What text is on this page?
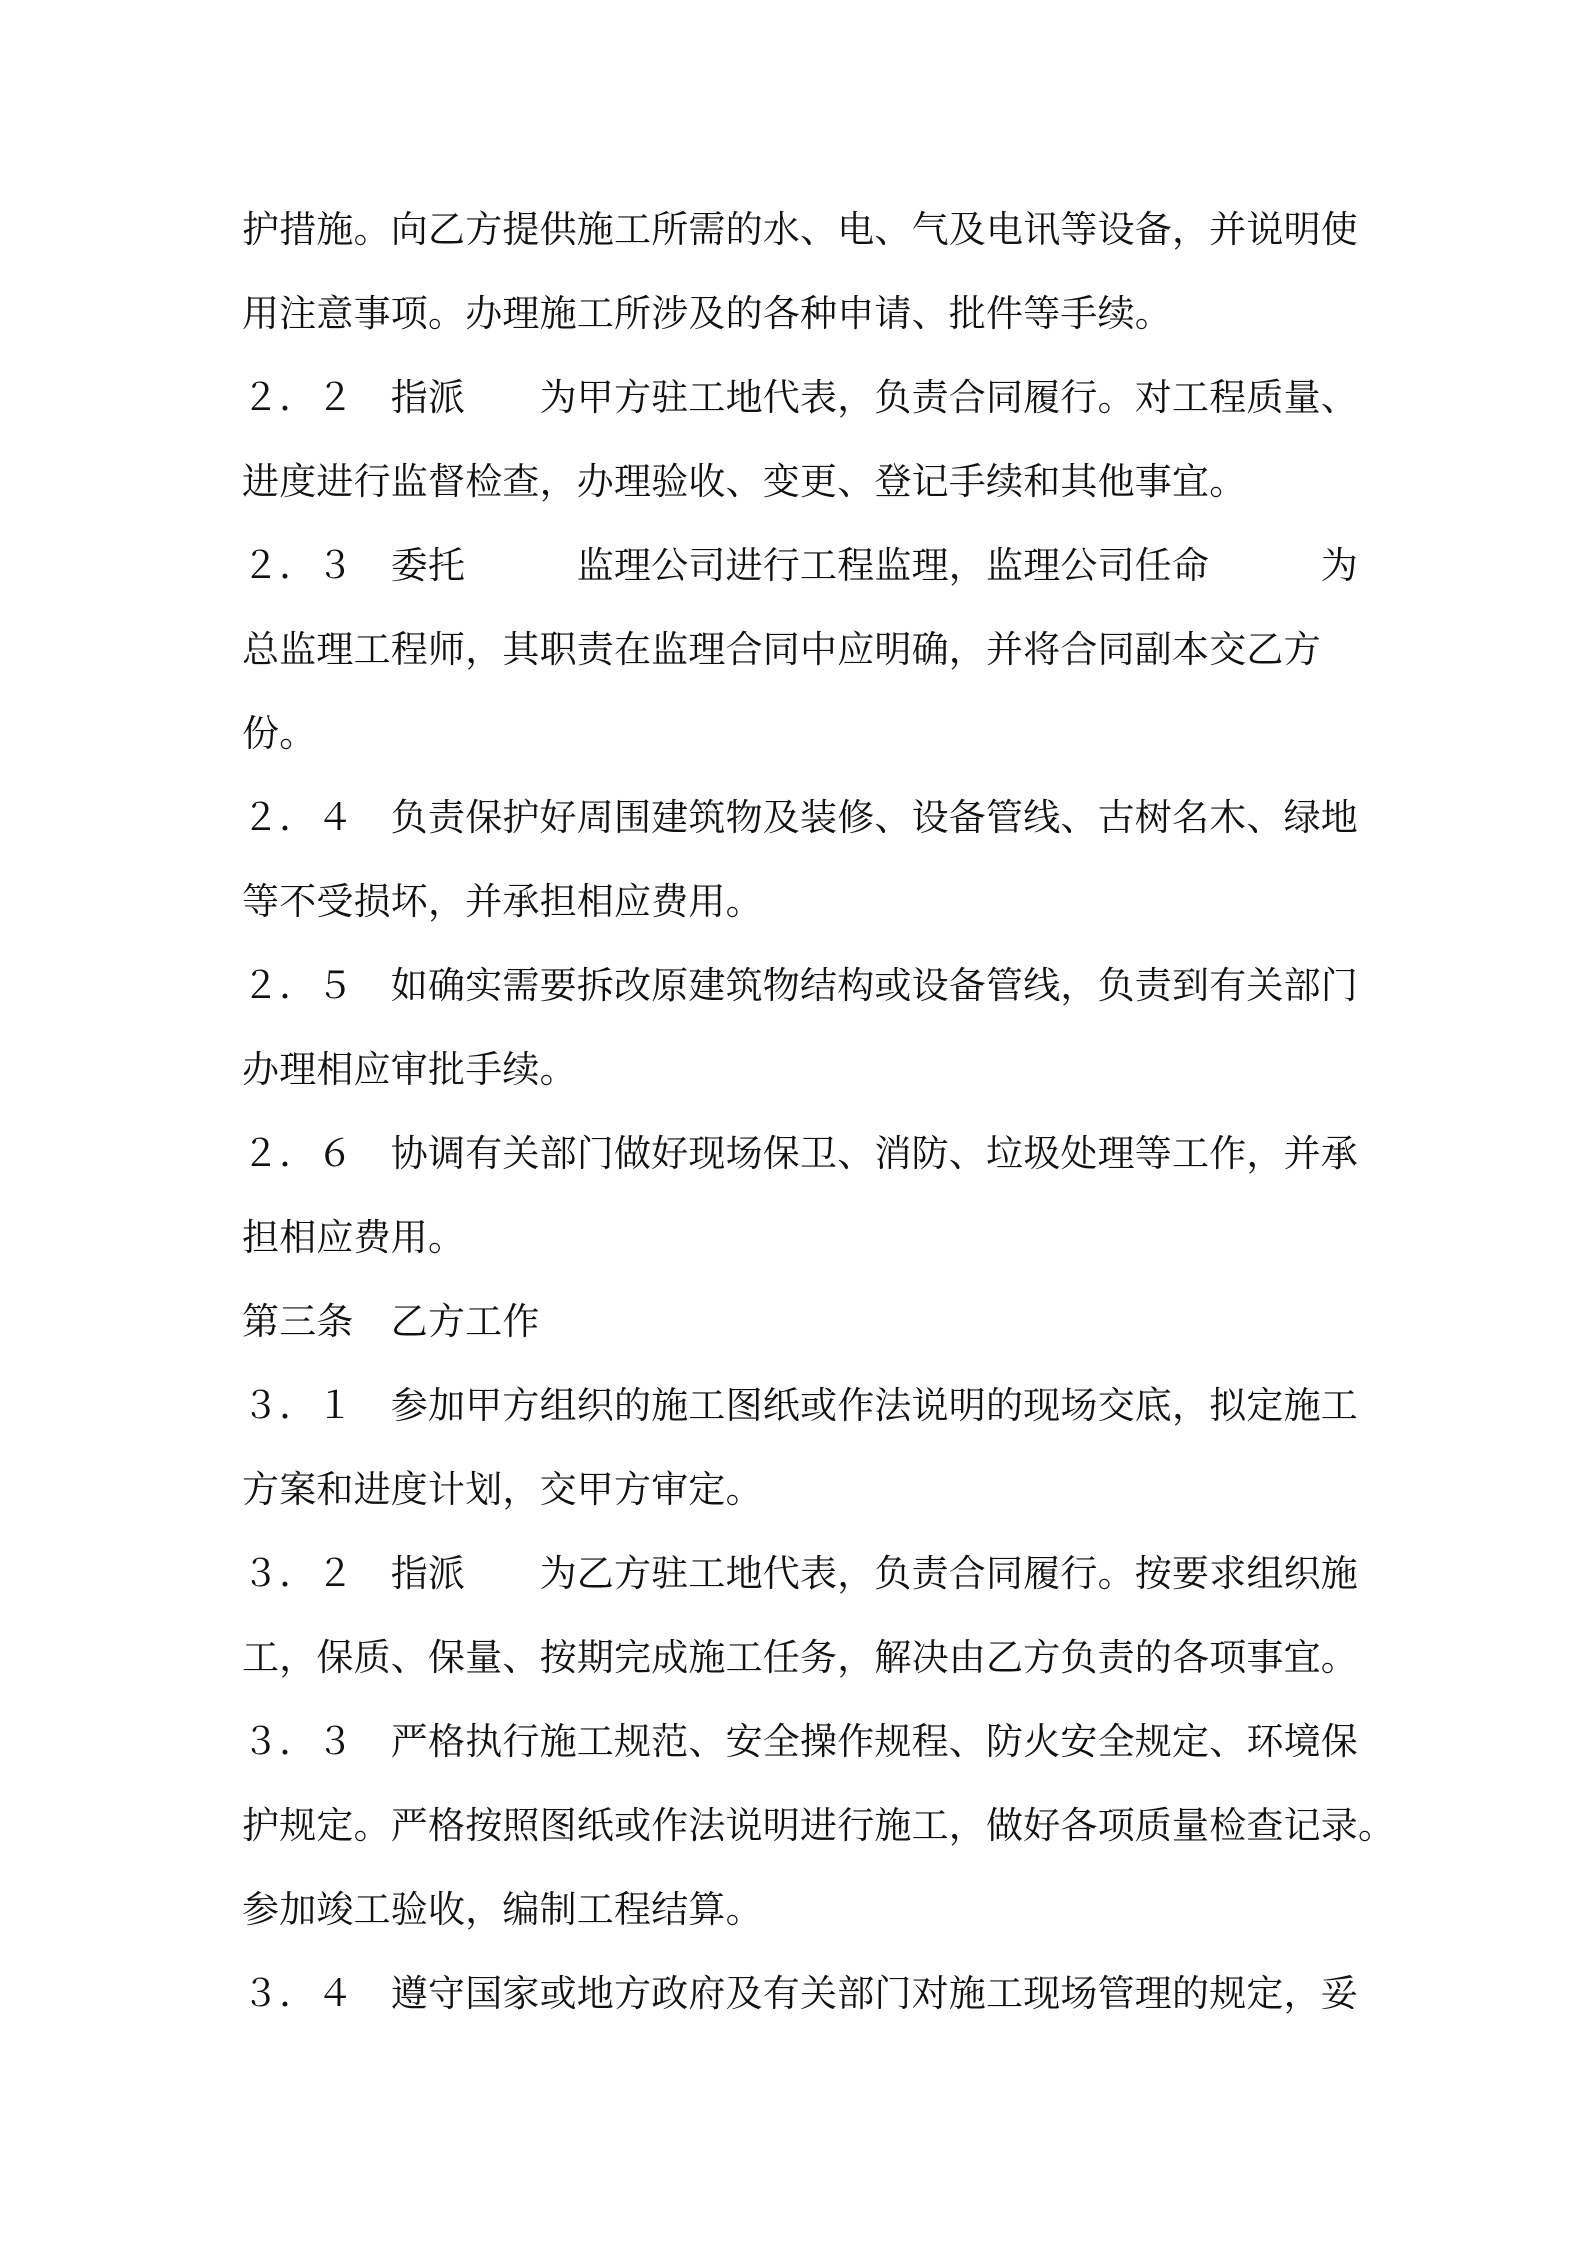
护措施。向乙方提供施工所需的水、电、气及电讯等设备，并说明使
用注意事项。办理施工所涉及的各种申请、批件等手续。
２．２　指派　　为甲方驻工地代表，负责合同履行。对工程质量、
进度进行监督检查，办理验收、变更、登记手续和其他事宜。
２．３　委托　　　监理公司进行工程监理，监理公司任命　　　为
总监理工程师，其职责在监理合同中应明确，并将合同副本交乙方
份。
２．４　负责保护好周围建筑物及装修、设备管线、古树名木、绿地
等不受损坏，并承担相应费用。
２．５　如确实需要拆改原建筑物结构或设备管线，负责到有关部门
办理相应审批手续。
２．６　协调有关部门做好现场保卫、消防、垃圾处理等工作，并承
担相应费用。
第三条　乙方工作
３．１　参加甲方组织的施工图纸或作法说明的现场交底，拟定施工
方案和进度计划，交甲方审定。
３．２　指派　　为乙方驻工地代表，负责合同履行。按要求组织施
工，保质、保量、按期完成施工任务，解决由乙方负责的各项事宜。
３．３　严格执行施工规范、安全操作规程、防火安全规定、环境保
护规定。严格按照图纸或作法说明进行施工，做好各项质量检查记录。
参加竣工验收，编制工程结算。
３．４　遵守国家或地方政府及有关部门对施工现场管理的规定，妥
